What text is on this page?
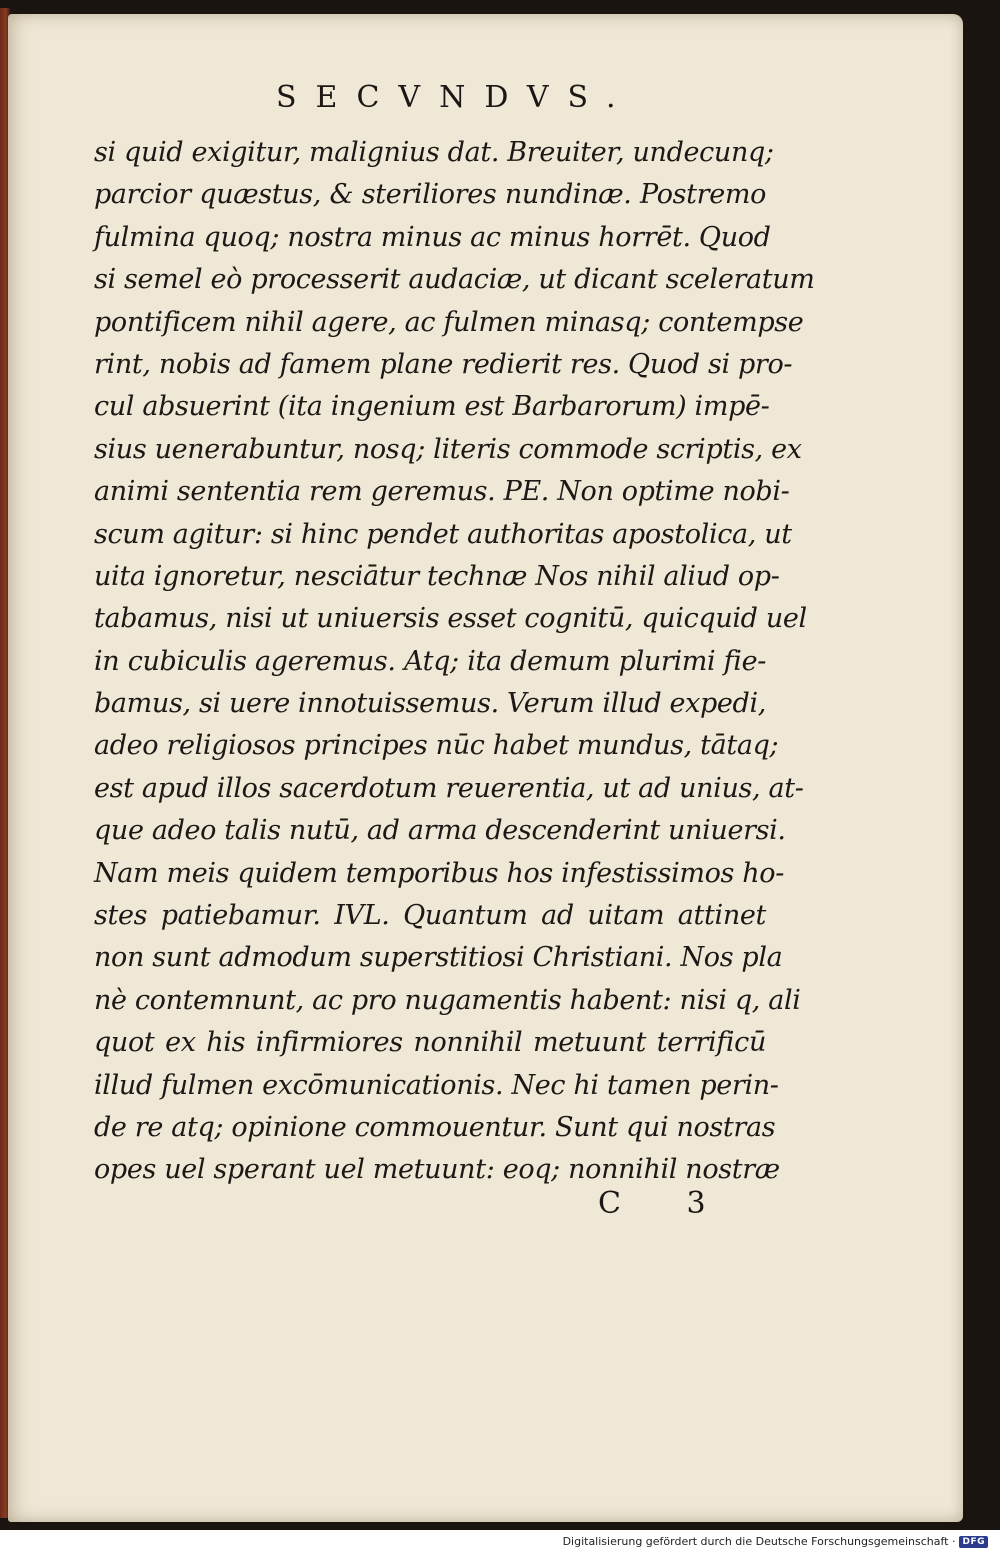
SECVNDVS.
si quid exigitur, malignius dat. Breuiter, undecunq;
parcior quæstus, & steriliores nundinæ. Postremo
fulmina quoq; nostra minus ac minus horrēt. Quod
si semel eò processerit audaciæ, ut dicant sceleratum
pontificem nihil agere, ac fulmen minasq; contempse
rint, nobis ad famem plane redierit res. Quod si pro-
cul absuerint (ita ingenium est Barbarorum) impē-
sius uenerabuntur, nosq; literis commode scriptis, ex
animi sententia rem geremus. PE. Non optime nobi-
scum agitur: si hinc pendet authoritas apostolica, ut
uita ignoretur, nesciātur technæ Nos nihil aliud op-
tabamus, nisi ut uniuersis esset cognitū, quicquid uel
in cubiculis ageremus. Atq; ita demum plurimi fie-
bamus, si uere innotuissemus. Verum illud expedi,
adeo religiosos principes nūc habet mundus, tātaq;
est apud illos sacerdotum reuerentia, ut ad unius, at-
que adeo talis nutū, ad arma descenderint uniuersi.
Nam meis quidem temporibus hos infestissimos ho-
stes patiebamur. IVL. Quantum ad uitam attinet
non sunt admodum superstitiosi Christiani. Nos pla
nè contemnunt, ac pro nugamentis habent: nisi q, ali
quot ex his infirmiores nonnihil metuunt terrificū
illud fulmen excōmunicationis. Nec hi tamen perin-
de re atq; opinione commouentur. Sunt qui nostras
opes uel sperant uel metuunt: eoq; nonnihil nostræ
C 3
Digitalisierung gefördert durch die Deutsche Forschungsgemeinschaft · DFG
